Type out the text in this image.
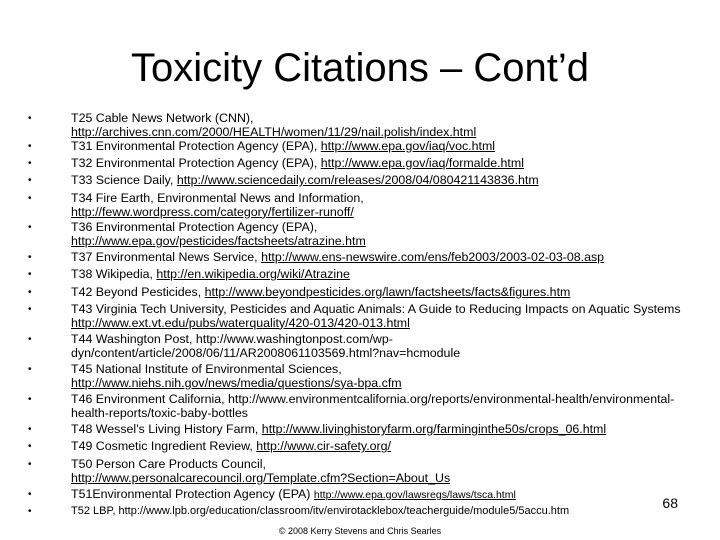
Toxicity Citations – Cont’d
•	T25 Cable News Network (CNN),
http://archives.cnn.com/2000/HEALTH/women/11/29/nail.polish/index.html
•	T31 Environmental Protection Agency (EPA), http://www.epa.gov/iaq/voc.html
•	T32 Environmental Protection Agency (EPA), http://www.epa.gov/iaq/formalde.html
•	T33 Science Daily, http://www.sciencedaily.com/releases/2008/04/080421143836.htm
•	T34 Fire Earth, Environmental News and Information,
http://feww.wordpress.com/category/fertilizer-runoff/
•	T36 Environmental Protection Agency (EPA),
http://www.epa.gov/pesticides/factsheets/atrazine.htm
•	T37 Environmental News Service, http://www.ens-newswire.com/ens/feb2003/2003-02-03-08.asp
•	T38 Wikipedia, http://en.wikipedia.org/wiki/Atrazine
•	T42 Beyond Pesticides, http://www.beyondpesticides.org/lawn/factsheets/facts&figures.htm
•	T43 Virginia Tech University, Pesticides and Aquatic Animals: A Guide to Reducing Impacts on Aquatic Systems http://www.ext.vt.edu/pubs/waterquality/420-013/420-013.html
•	T44 Washington Post, http://www.washingtonpost.com/wp-dyn/content/article/2008/06/11/AR2008061103569.html?nav=hcmodule
•	T45 National Institute of Environmental Sciences,
http://www.niehs.nih.gov/news/media/questions/sya-bpa.cfm
•	T46 Environment California, http://www.environmentcalifornia.org/reports/environmental-health/environmental-health-reports/toxic-baby-bottles
•	T48 Wessel's Living History Farm, http://www.livinghistoryfarm.org/farminginthe50s/crops_06.html
•	T49 Cosmetic Ingredient Review, http://www.cir-safety.org/
•	T50 Person Care Products Council,
http://www.personalcarecouncil.org/Template.cfm?Section=About_Us
•	T51Environmental Protection Agency (EPA) http://www.epa.gov/lawsregs/laws/tsca.html
•	T52 LBP, http://www.lpb.org/education/classroom/itv/envirotacklebox/teacherguide/module5/5accu.htm	68
© 2008 Kerry Stevens and Chris Searles
